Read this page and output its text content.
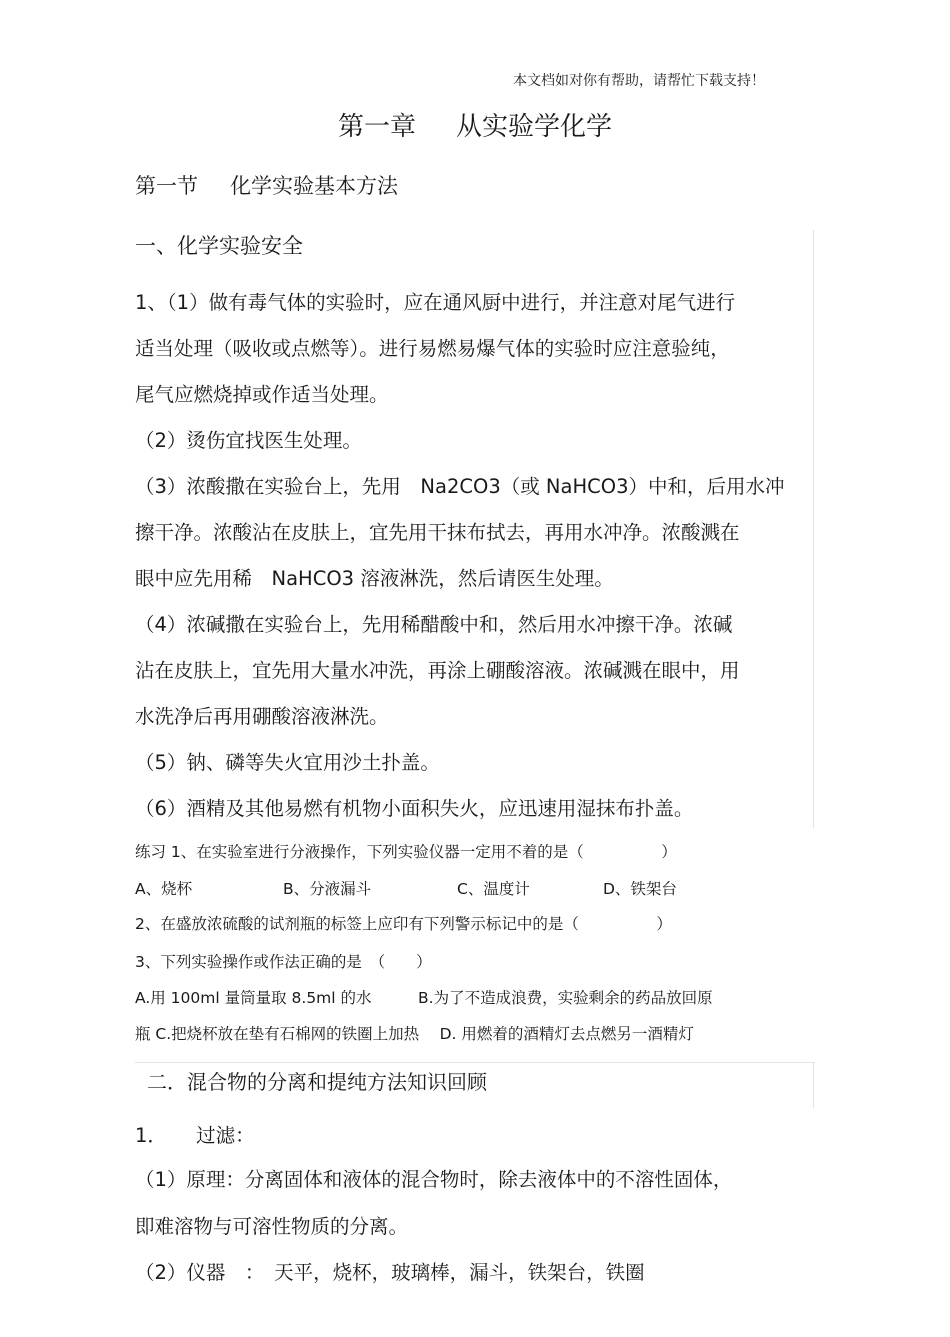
本文档如对你有帮助，请帮忙下载支持！
第一章 从实验学化学
第一节 化学实验基本方法
一、化学实验安全
1、（1）做有毒气体的实验时，应在通风厨中进行，并注意对尾气进行
适当处理（吸收或点燃等）。进行易燃易爆气体的实验时应注意验纯，
尾气应燃烧掉或作适当处理。
（2）烫伤宜找医生处理。
（3）浓酸撒在实验台上，先用　Na2CO3（或 NaHCO3）中和，后用水冲
擦干净。浓酸沾在皮肤上，宜先用干抹布拭去，再用水冲净。浓酸溅在
眼中应先用稀　NaHCO3 溶液淋洗，然后请医生处理。
（4）浓碱撒在实验台上，先用稀醋酸中和，然后用水冲擦干净。浓碱
沾在皮肤上，宜先用大量水冲洗，再涂上硼酸溶液。浓碱溅在眼中，用
水洗净后再用硼酸溶液淋洗。
（5）钠、磷等失火宜用沙土扑盖。
（6）酒精及其他易燃有机物小面积失火，应迅速用湿抹布扑盖。
练习 1、在实验室进行分液操作，下列实验仪器一定用不着的是（　　　　　）
A、烧杯	B、分液漏斗	C、温度计	D、铁架台
2、在盛放浓硫酸的试剂瓶的标签上应印有下列警示标记中的是（　　　　　）
3、下列实验操作或作法正确的是　（　　）
A.用 100ml 量筒量取 8.5ml 的水　　　B.为了不造成浪费，实验剩余的药品放回原
瓶 C.把烧杯放在垫有石棉网的铁圈上加热　 D. 用燃着的酒精灯去点燃另一酒精灯
二．混合物的分离和提纯方法知识回顾
1．　　过滤：
（1）原理：分离固体和液体的混合物时，除去液体中的不溶性固体，
即难溶物与可溶性物质的分离。
（2）仪器　：　天平，烧杯，玻璃棒，漏斗，铁架台，铁圈
